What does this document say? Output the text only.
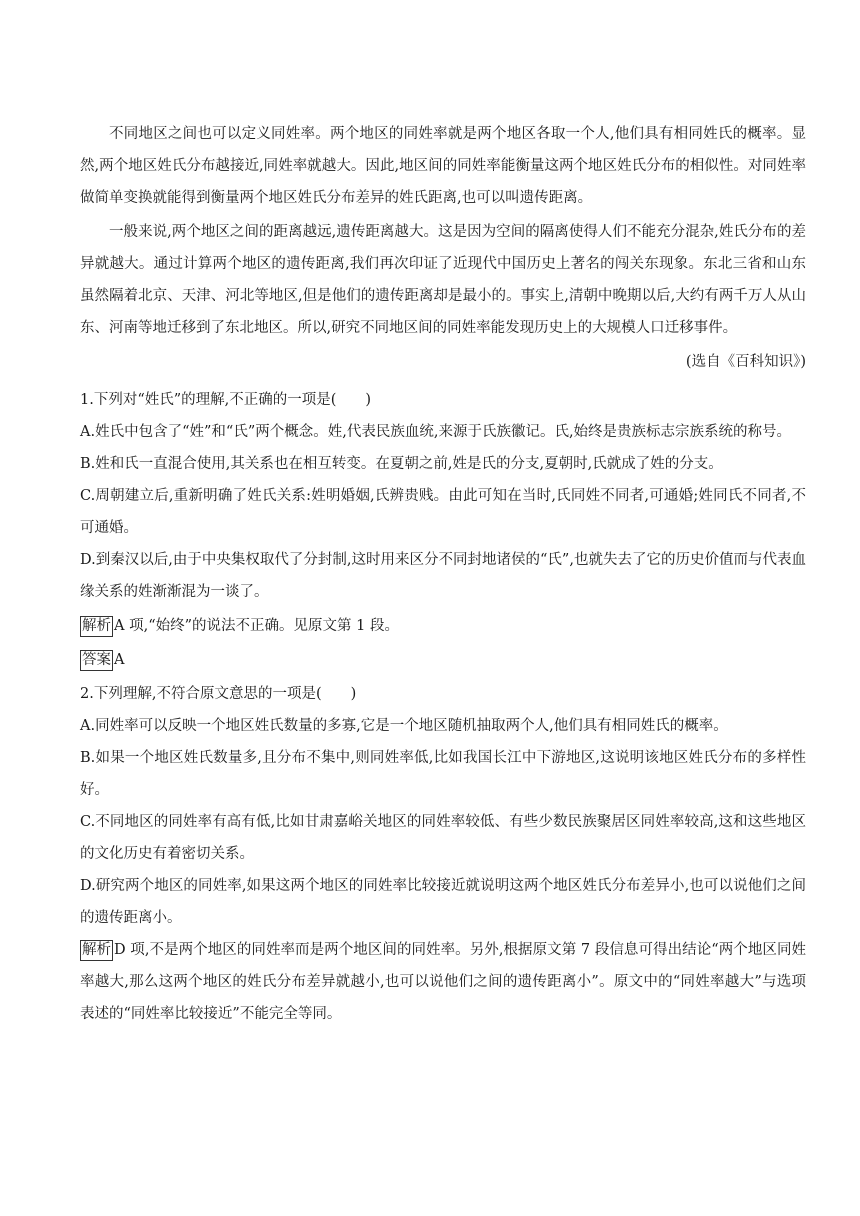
不同地区之间也可以定义同姓率。两个地区的同姓率就是两个地区各取一个人,他们具有相同姓氏的概率。显然,两个地区姓氏分布越接近,同姓率就越大。因此,地区间的同姓率能衡量这两个地区姓氏分布的相似性。对同姓率做简单变换就能得到衡量两个地区姓氏分布差异的姓氏距离,也可以叫遗传距离。

一般来说,两个地区之间的距离越远,遗传距离越大。这是因为空间的隔离使得人们不能充分混杂,姓氏分布的差异就越大。通过计算两个地区的遗传距离,我们再次印证了近现代中国历史上著名的闯关东现象。东北三省和山东虽然隔着北京、天津、河北等地区,但是他们的遗传距离却是最小的。事实上,清朝中晚期以后,大约有两千万人从山东、河南等地迁移到了东北地区。所以,研究不同地区间的同姓率能发现历史上的大规模人口迁移事件。

(选自《百科知识》)

1.下列对“姓氏”的理解,不正确的一项是(　　)

A.姓氏中包含了“姓”和“氏”两个概念。姓,代表民族血统,来源于氏族徽记。氏,始终是贵族标志宗族系统的称号。

B.姓和氏一直混合使用,其关系也在相互转变。在夏朝之前,姓是氏的分支,夏朝时,氏就成了姓的分支。

C.周朝建立后,重新明确了姓氏关系:姓明婚姻,氏辨贵贱。由此可知在当时,氏同姓不同者,可通婚;姓同氏不同者,不可通婚。

D.到秦汉以后,由于中央集权取代了分封制,这时用来区分不同封地诸侯的“氏”,也就失去了它的历史价值而与代表血缘关系的姓渐渐混为一谈了。

解析 A 项,“始终”的说法不正确。见原文第 1 段。

答案 A

2.下列理解,不符合原文意思的一项是(　　)

A.同姓率可以反映一个地区姓氏数量的多寡,它是一个地区随机抽取两个人,他们具有相同姓氏的概率。

B.如果一个地区姓氏数量多,且分布不集中,则同姓率低,比如我国长江中下游地区,这说明该地区姓氏分布的多样性好。

C.不同地区的同姓率有高有低,比如甘肃嘉峪关地区的同姓率较低、有些少数民族聚居区同姓率较高,这和这些地区的文化历史有着密切关系。

D.研究两个地区的同姓率,如果这两个地区的同姓率比较接近就说明这两个地区姓氏分布差异小,也可以说他们之间的遗传距离小。

解析 D 项,不是两个地区的同姓率而是两个地区间的同姓率。另外,根据原文第 7 段信息可得出结论“两个地区同姓率越大,那么这两个地区的姓氏分布差异就越小,也可以说他们之间的遗传距离小”。原文中的“同姓率越大”与选项表述的“同姓率比较接近”不能完全等同。
